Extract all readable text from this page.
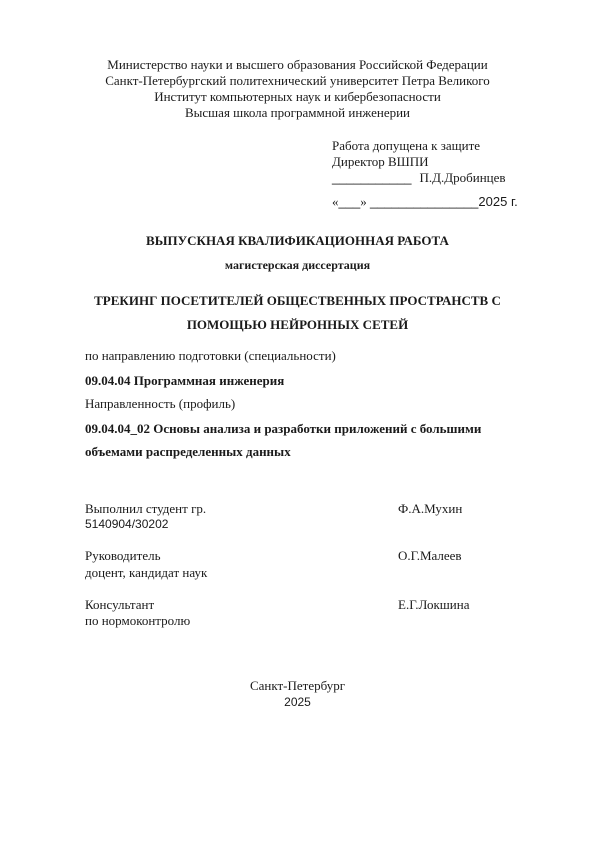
Министерство науки и высшего образования Российской Федерации
Санкт-Петербургский политехнический университет Петра Великого
Институт компьютерных наук и кибербезопасности
Высшая школа программной инженерии
Работа допущена к защите
Директор ВШПИ
___________ П.Д.Дробинцев
«___» _______________2025 г.
ВЫПУСКНАЯ КВАЛИФИКАЦИОННАЯ РАБОТА
магистерская диссертация
ТРЕКИНГ ПОСЕТИТЕЛЕЙ ОБЩЕСТВЕННЫХ ПРОСТРАНСТВ С
ПОМОЩЬЮ НЕЙРОННЫХ СЕТЕЙ
по направлению подготовки (специальности)
09.04.04 Программная инженерия
Направленность (профиль)
09.04.04_02 Основы анализа и разработки приложений с большими
объемами распределенных данных
Выполнил студент гр.
5140904/30202
Ф.А.Мухин
Руководитель
доцент, кандидат наук
О.Г.Малеев
Консультант
по нормоконтролю
Е.Г.Локшина
Санкт-Петербург
2025
